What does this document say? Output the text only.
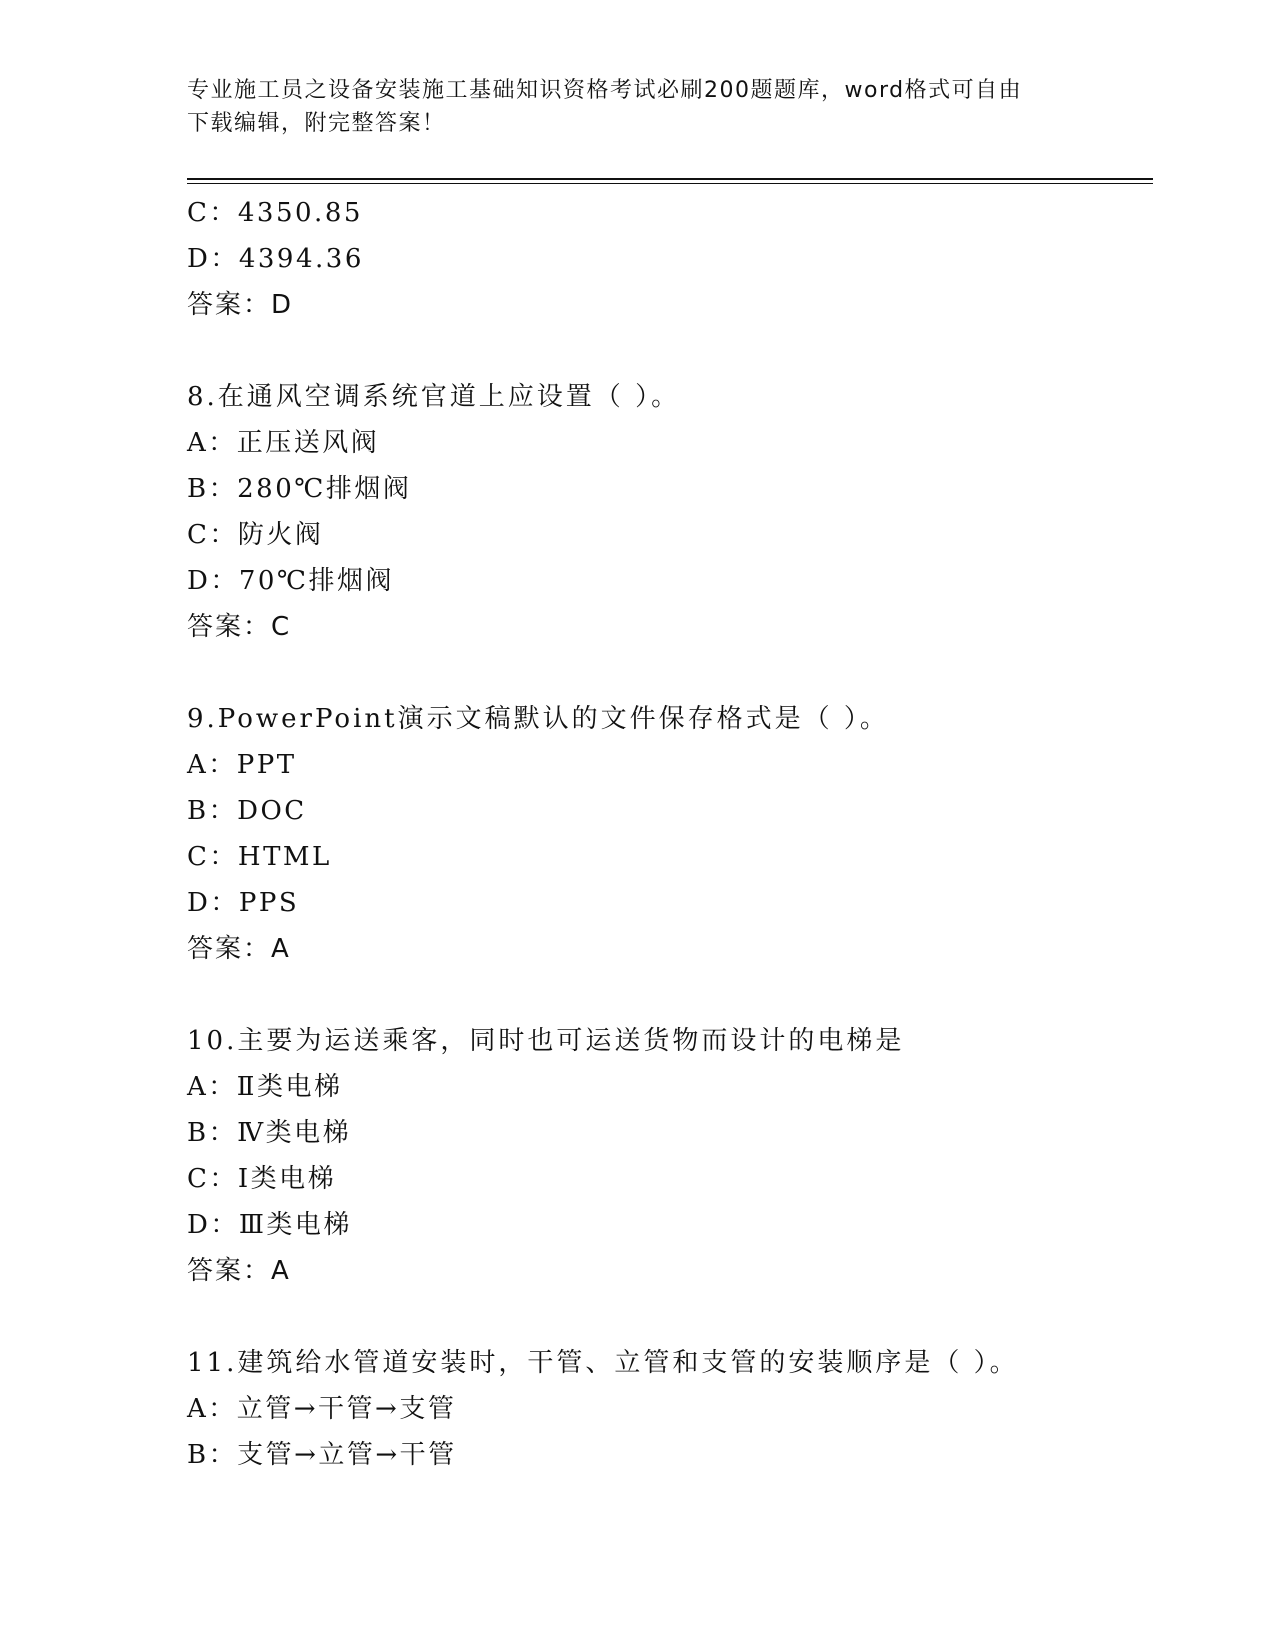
专业施工员之设备安装施工基础知识资格考试必刷200题题库，word格式可自由
下载编辑，附完整答案！
C：4350.85
D：4394.36
答案：D
8.在通风空调系统官道上应设置（ ）。
A：正压送风阀
B：280℃排烟阀
C：防火阀
D：70℃排烟阀
答案：C
9.PowerPoint演示文稿默认的文件保存格式是（ ）。
A：PPT
B：DOC
C：HTML
D：PPS
答案：A
10.主要为运送乘客，同时也可运送货物而设计的电梯是
A：Ⅱ类电梯
B：Ⅳ类电梯
C：Ⅰ类电梯
D：Ⅲ类电梯
答案：A
11.建筑给水管道安装时，干管、立管和支管的安装顺序是（ ）。
A：立管→干管→支管
B：支管→立管→干管
